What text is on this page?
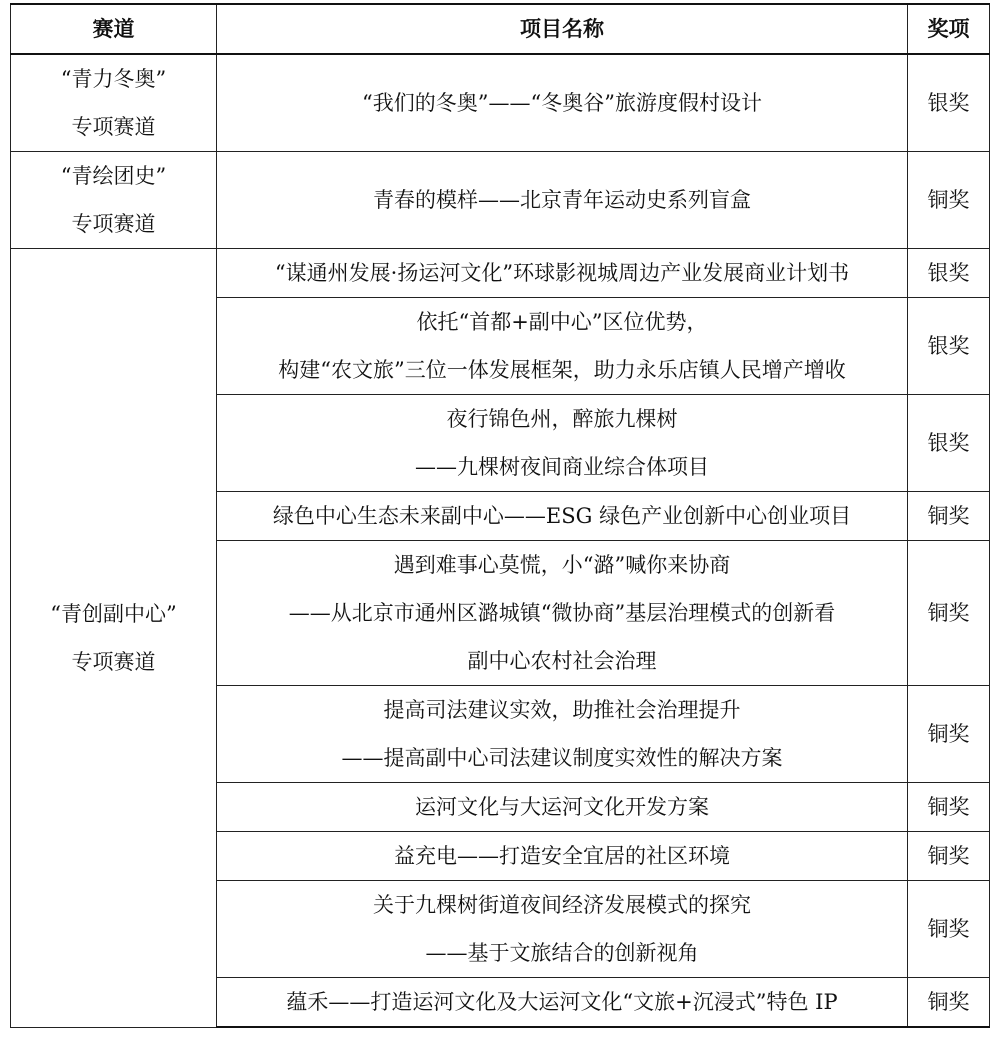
赛道	项目名称	奖项

“青力冬奥”
专项赛道	“我们的冬奥”——“冬奥谷”旅游度假村设计	银奖

“青绘团史”
专项赛道	青春的模样——北京青年运动史系列盲盒	铜奖

“青创副中心”
专项赛道	“谋通州发展·扬运河文化”环球影视城周边产业发展商业计划书	银奖

	依托“首都+副中心”区位优势，
构建“农文旅”三位一体发展框架，助力永乐店镇人民增产增收	银奖

	夜行锦色州，醉旅九棵树
——九棵树夜间商业综合体项目	银奖

	绿色中心生态未来副中心——ESG 绿色产业创新中心创业项目	铜奖

	遇到难事心莫慌，小“潞”喊你来协商
——从北京市通州区潞城镇“微协商”基层治理模式的创新看
副中心农村社会治理	铜奖

	提高司法建议实效，助推社会治理提升
——提高副中心司法建议制度实效性的解决方案	铜奖

	运河文化与大运河文化开发方案	铜奖

	益充电——打造安全宜居的社区环境	铜奖

	关于九棵树街道夜间经济发展模式的探究
——基于文旅结合的创新视角	铜奖

	蕴禾——打造运河文化及大运河文化“文旅+沉浸式”特色 IP	铜奖
